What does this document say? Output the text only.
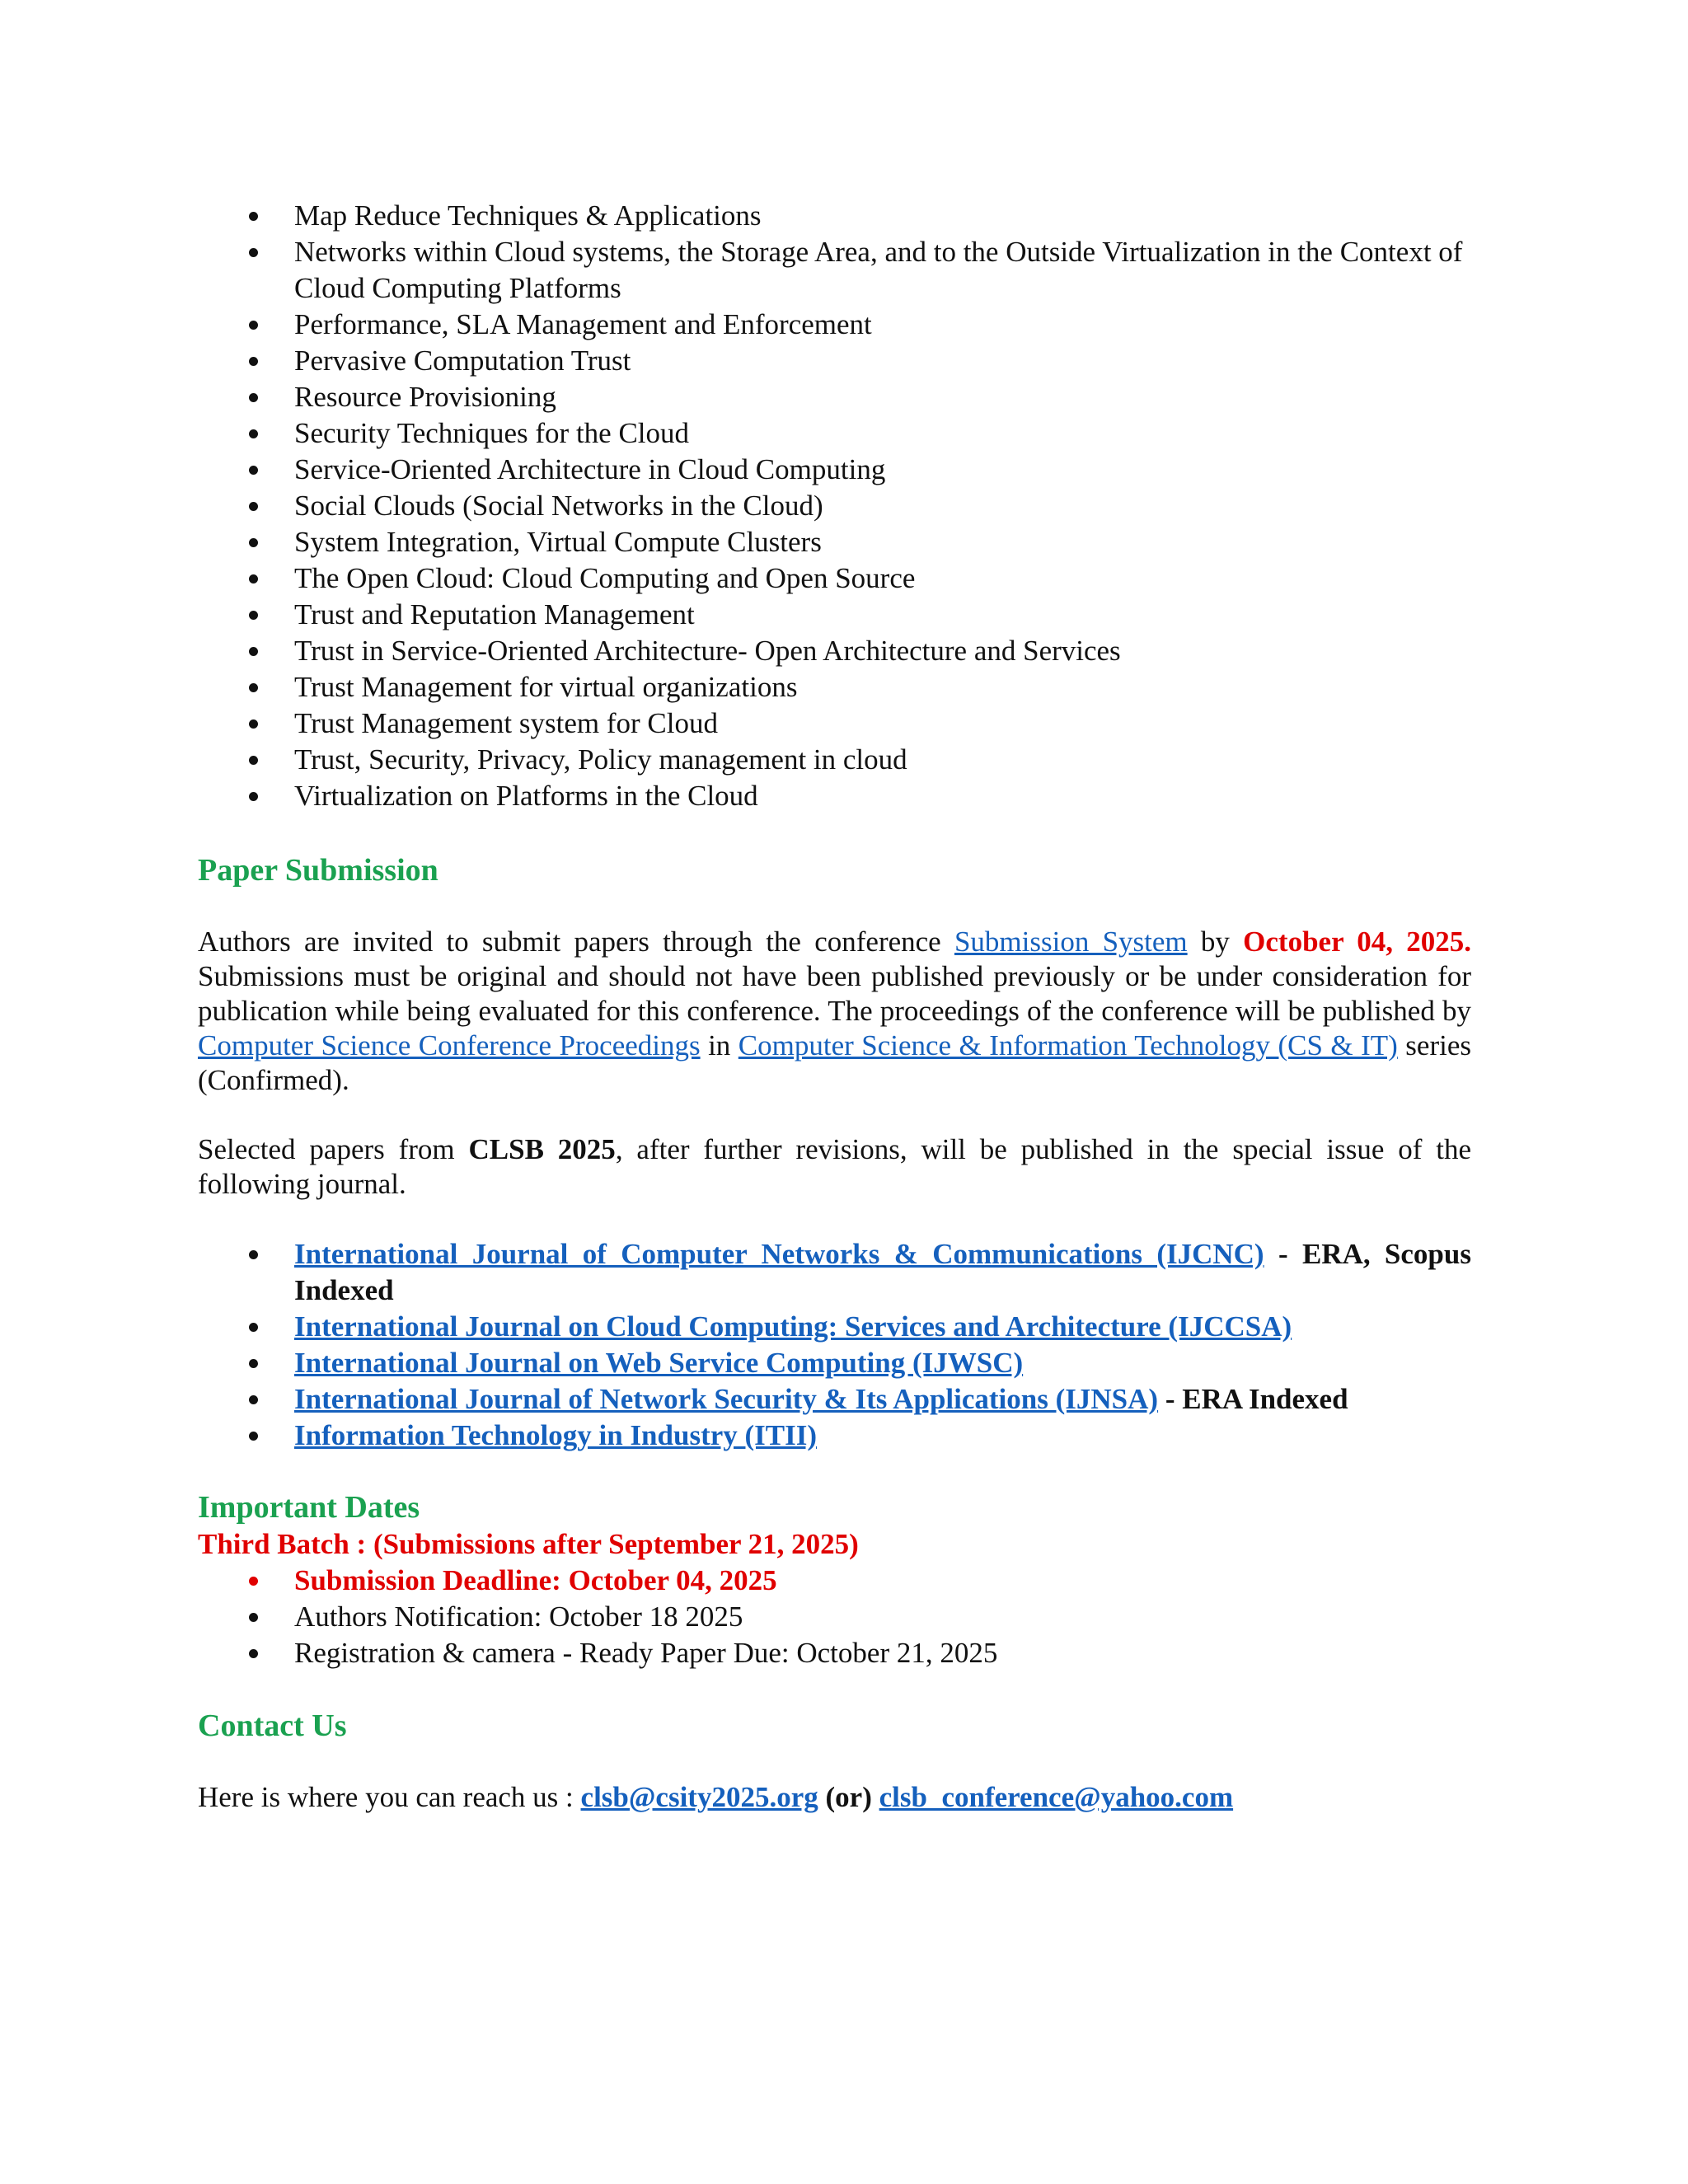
Map Reduce Techniques & Applications
Networks within Cloud systems, the Storage Area, and to the Outside Virtualization in the Context of Cloud Computing Platforms
Performance, SLA Management and Enforcement
Pervasive Computation Trust
Resource Provisioning
Security Techniques for the Cloud
Service-Oriented Architecture in Cloud Computing
Social Clouds (Social Networks in the Cloud)
System Integration, Virtual Compute Clusters
The Open Cloud: Cloud Computing and Open Source
Trust and Reputation Management
Trust in Service-Oriented Architecture- Open Architecture and Services
Trust Management for virtual organizations
Trust Management system for Cloud
Trust, Security, Privacy, Policy management in cloud
Virtualization on Platforms in the Cloud
Paper Submission

Authors are invited to submit papers through the conference Submission System by October 04, 2025. Submissions must be original and should not have been published previously or be under consideration for publication while being evaluated for this conference. The proceedings of the conference will be published by Computer Science Conference Proceedings in Computer Science & Information Technology (CS & IT) series (Confirmed).

Selected papers from CLSB 2025, after further revisions, will be published in the special issue of the following journal.

International Journal of Computer Networks & Communications (IJCNC) - ERA, Scopus Indexed
International Journal on Cloud Computing: Services and Architecture (IJCCSA)
International Journal on Web Service Computing (IJWSC)
International Journal of Network Security & Its Applications (IJNSA) - ERA Indexed
Information Technology in Industry (ITII)
Important Dates
Third Batch : (Submissions after September 21, 2025)
Submission Deadline: October 04, 2025
Authors Notification: October 18 2025
Registration & camera - Ready Paper Due: October 21, 2025
Contact Us

Here is where you can reach us : clsb@csity2025.org (or) clsb_conference@yahoo.com
